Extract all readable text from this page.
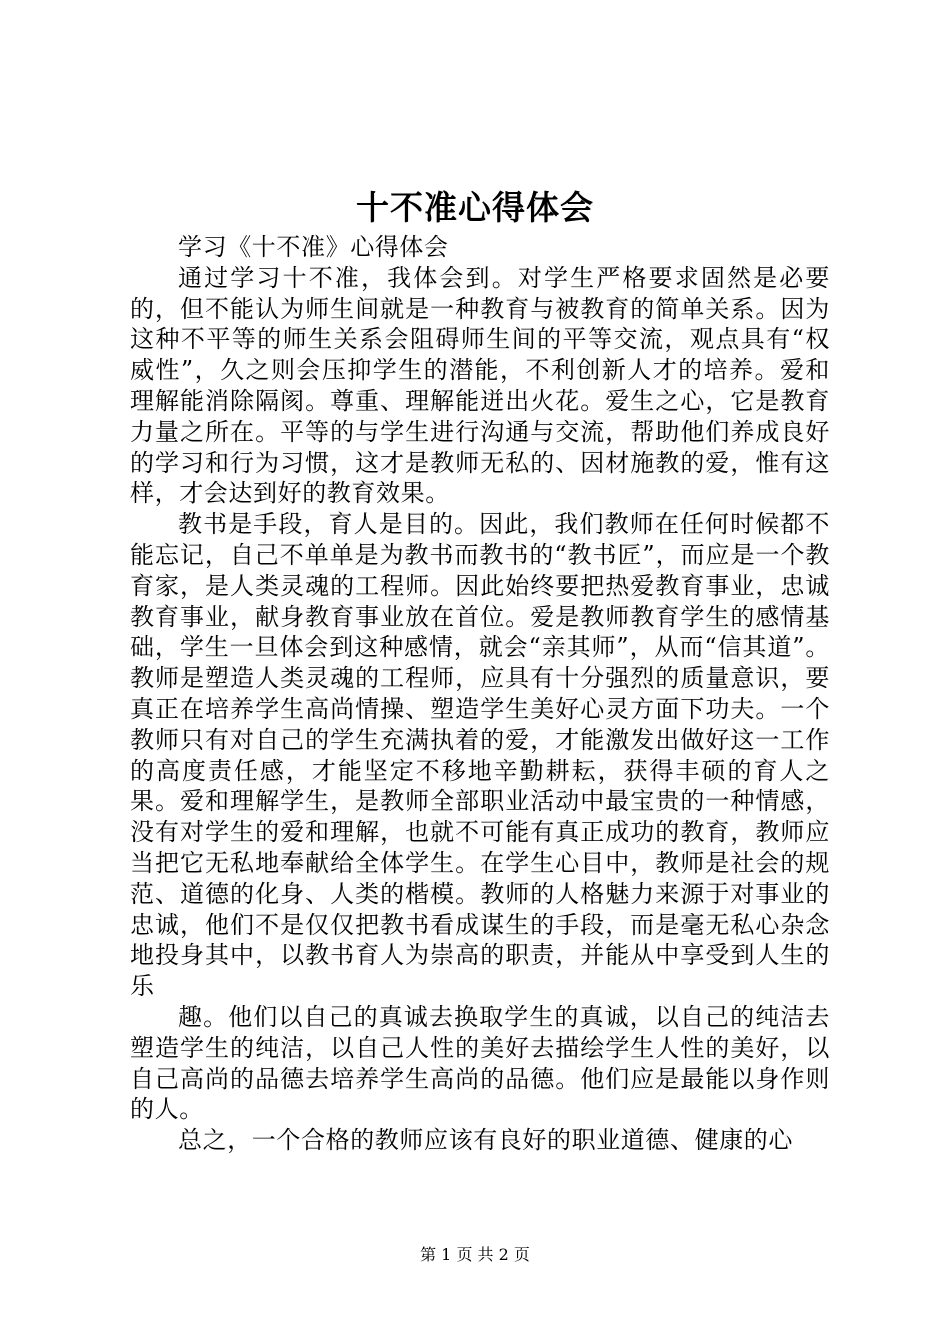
十不准心得体会

学习《十不准》心得体会

通过学习十不准，我体会到。对学生严格要求固然是必要的，但不能认为师生间就是一种教育与被教育的简单关系。因为这种不平等的师生关系会阻碍师生间的平等交流，观点具有“权威性”，久之则会压抑学生的潜能，不利创新人才的培养。爱和理解能消除隔阂。尊重、理解能迸出火花。爱生之心，它是教育力量之所在。平等的与学生进行沟通与交流，帮助他们养成良好的学习和行为习惯，这才是教师无私的、因材施教的爱，惟有这样，才会达到好的教育效果。

教书是手段，育人是目的。因此，我们教师在任何时候都不能忘记，自己不单单是为教书而教书的“教书匠”，而应是一个教育家，是人类灵魂的工程师。因此始终要把热爱教育事业，忠诚教育事业，献身教育事业放在首位。爱是教师教育学生的感情基础，学生一旦体会到这种感情，就会“亲其师”，从而“信其道”。教师是塑造人类灵魂的工程师，应具有十分强烈的质量意识，要真正在培养学生高尚情操、塑造学生美好心灵方面下功夫。一个教师只有对自己的学生充满执着的爱，才能激发出做好这一工作的高度责任感，才能坚定不移地辛勤耕耘，获得丰硕的育人之果。爱和理解学生，是教师全部职业活动中最宝贵的一种情感，没有对学生的爱和理解，也就不可能有真正成功的教育，教师应当把它无私地奉献给全体学生。在学生心目中，教师是社会的规范、道德的化身、人类的楷模。教师的人格魅力来源于对事业的忠诚，他们不是仅仅把教书看成谋生的手段，而是毫无私心杂念地投身其中，以教书育人为崇高的职责，并能从中享受到人生的乐

趣。他们以自己的真诚去换取学生的真诚，以自己的纯洁去塑造学生的纯洁，以自己人性的美好去描绘学生人性的美好，以自己高尚的品德去培养学生高尚的品德。他们应是最能以身作则的人。

总之，一个合格的教师应该有良好的职业道德、健康的心

第 1 页 共 2 页
